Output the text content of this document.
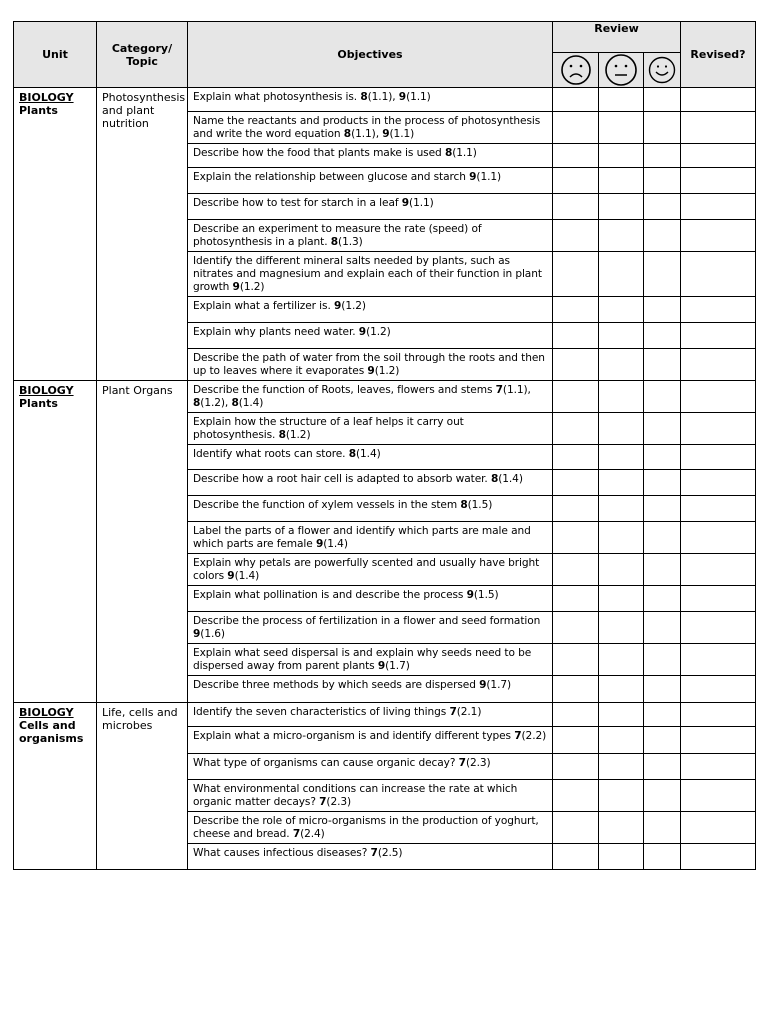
Unit	Category/ Topic	Objectives	Review			Revised?

BIOLOGY
Plants	Photosynthesis and plant nutrition	Explain what photosynthesis is. 8(1.1), 9(1.1)				
		Name the reactants and products in the process of photosynthesis and write the word equation 8(1.1), 9(1.1)				
		Describe how the food that plants make is used 8(1.1)				
		Explain the relationship between glucose and starch 9(1.1)				
		Describe how to test for starch in a leaf 9(1.1)				
		Describe an experiment to measure the rate (speed) of photosynthesis in a plant. 8(1.3)				
		Identify the different mineral salts needed by plants, such as nitrates and magnesium and explain each of their function in plant growth 9(1.2)				
		Explain what a fertilizer is. 9(1.2)				
		Explain why plants need water. 9(1.2)				
		Describe the path of water from the soil through the roots and then up to leaves where it evaporates 9(1.2)				
BIOLOGY
Plants	Plant Organs	Describe the function of Roots, leaves, flowers and stems 7(1.1), 8(1.2), 8(1.4)				
		Explain how the structure of a leaf helps it carry out photosynthesis. 8(1.2)				
		Identify what roots can store. 8(1.4)				
		Describe how a root hair cell is adapted to absorb water. 8(1.4)				
		Describe the function of xylem vessels in the stem 8(1.5)				
		Label the parts of a flower and identify which parts are male and which parts are female 9(1.4)				
		Explain why petals are powerfully scented and usually have bright colors 9(1.4)				
		Explain what pollination is and describe the process 9(1.5)				
		Describe the process of fertilization in a flower and seed formation 9(1.6)				
		Explain what seed dispersal is and explain why seeds need to be dispersed away from parent plants 9(1.7)				
		Describe three methods by which seeds are dispersed 9(1.7)				
BIOLOGY
Cells and organisms	Life, cells and microbes	Identify the seven characteristics of living things 7(2.1)				
		Explain what a micro-organism is and identify different types 7(2.2)				
		What type of organisms can cause organic decay? 7(2.3)				
		What environmental conditions can increase the rate at which organic matter decays? 7(2.3)				
		Describe the role of micro-organisms in the production of yoghurt, cheese and bread. 7(2.4)				
		What causes infectious diseases? 7(2.5)				
